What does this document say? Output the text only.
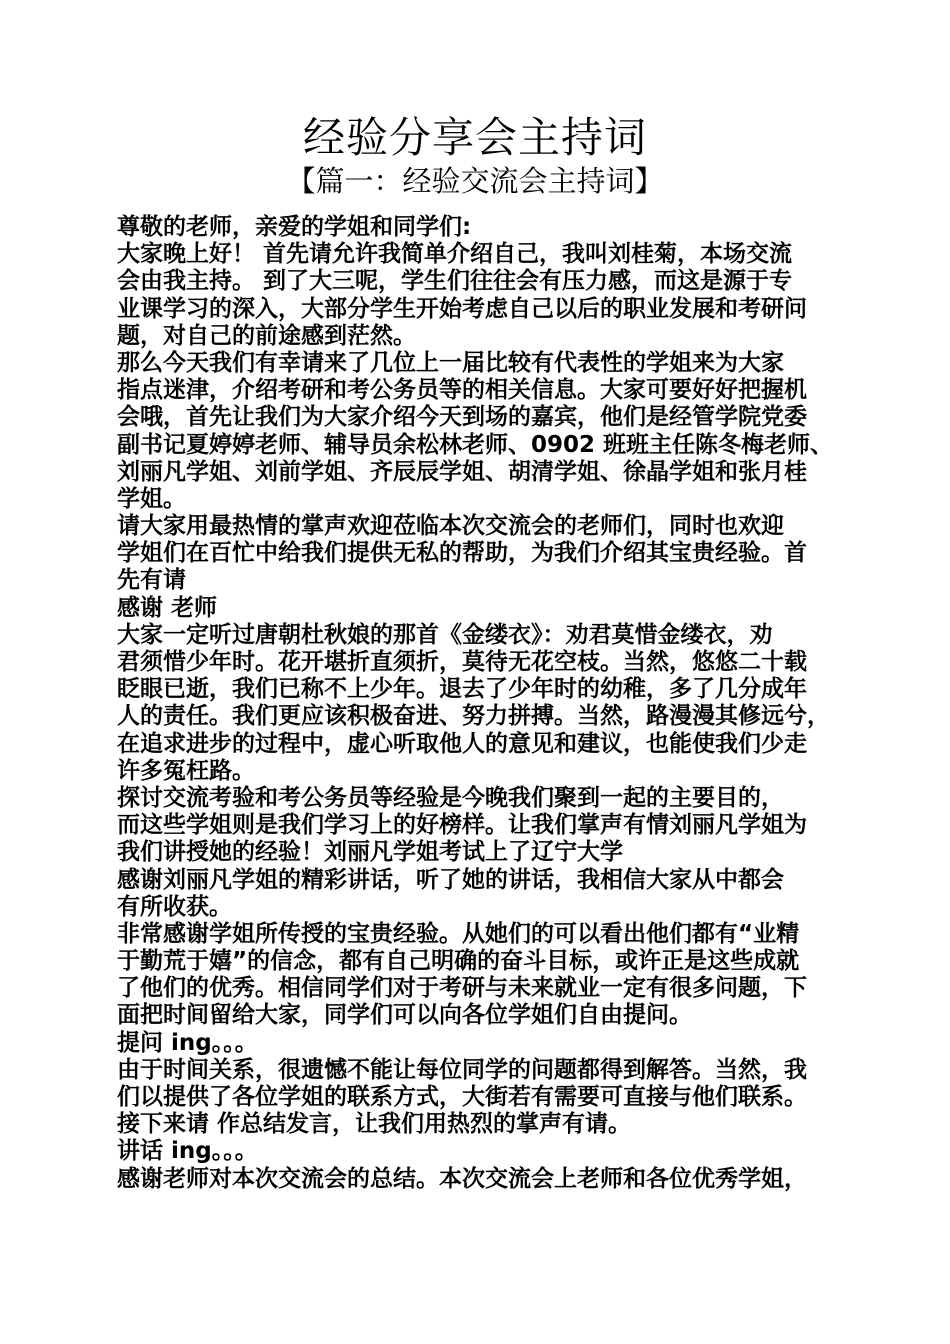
经验分享会主持词
【篇一：经验交流会主持词】
尊敬的老师，亲爱的学姐和同学们:
大家晚上好！ 首先请允许我简单介绍自己，我叫刘桂菊，本场交流
会由我主持。 到了大三呢，学生们往往会有压力感，而这是源于专
业课学习的深入，大部分学生开始考虑自己以后的职业发展和考研问
题，对自己的前途感到茫然。
那么今天我们有幸请来了几位上一届比较有代表性的学姐来为大家
指点迷津，介绍考研和考公务员等的相关信息。大家可要好好把握机
会哦，首先让我们为大家介绍今天到场的嘉宾，他们是经管学院党委
副书记夏婷婷老师、辅导员余松林老师、0902 班班主任陈冬梅老师、
刘丽凡学姐、刘前学姐、齐辰辰学姐、胡清学姐、徐晶学姐和张月桂
学姐。
请大家用最热情的掌声欢迎莅临本次交流会的老师们，同时也欢迎
学姐们在百忙中给我们提供无私的帮助，为我们介绍其宝贵经验。首
先有请
感谢 老师
大家一定听过唐朝杜秋娘的那首《金缕衣》：劝君莫惜金缕衣，劝
君须惜少年时。花开堪折直须折，莫待无花空枝。当然，悠悠二十载
眨眼已逝，我们已称不上少年。退去了少年时的幼稚，多了几分成年
人的责任。我们更应该积极奋进、努力拼搏。当然，路漫漫其修远兮，
在追求进步的过程中，虚心听取他人的意见和建议，也能使我们少走
许多冤枉路。
探讨交流考验和考公务员等经验是今晚我们聚到一起的主要目的，
而这些学姐则是我们学习上的好榜样。让我们掌声有情刘丽凡学姐为
我们讲授她的经验！刘丽凡学姐考试上了辽宁大学
感谢刘丽凡学姐的精彩讲话，听了她的讲话，我相信大家从中都会
有所收获。
非常感谢学姐所传授的宝贵经验。从她们的可以看出他们都有“业精
于勤荒于嬉”的信念，都有自己明确的奋斗目标，或许正是这些成就
了他们的优秀。相信同学们对于考研与未来就业一定有很多问题，下
面把时间留给大家，同学们可以向各位学姐们自由提问。
提问 ing。。。
由于时间关系，很遗憾不能让每位同学的问题都得到解答。当然，我
们以提供了各位学姐的联系方式，大街若有需要可直接与他们联系。
接下来请 作总结发言，让我们用热烈的掌声有请。
讲话 ing。。。
感谢老师对本次交流会的总结。本次交流会上老师和各位优秀学姐，
